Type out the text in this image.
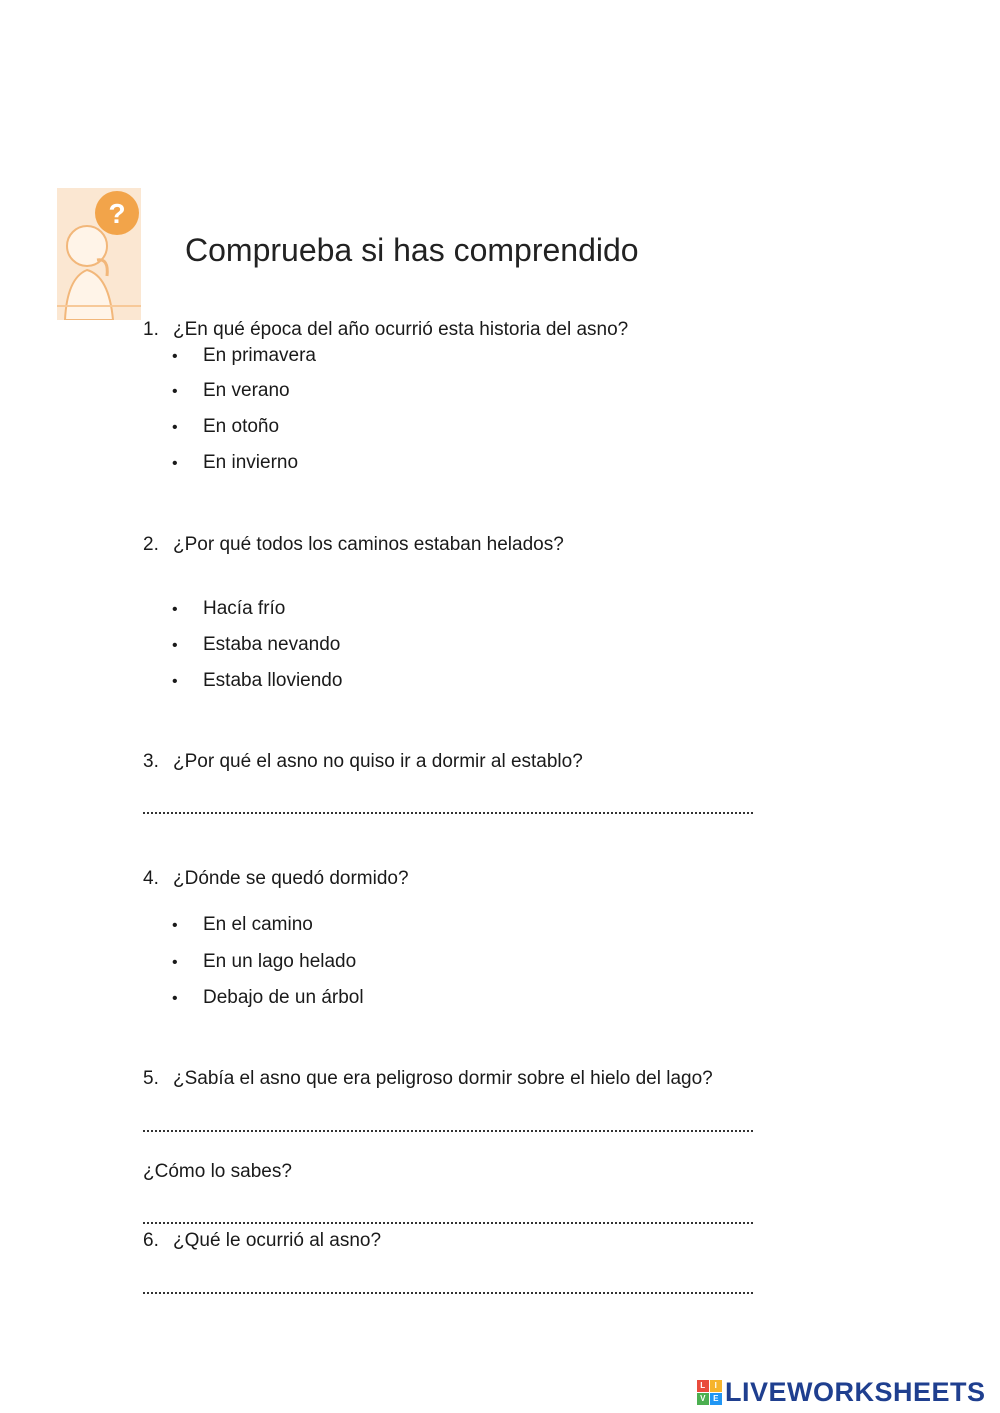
?
Comprueba si has comprendido
1. ¿En qué época del año ocurrió esta historia del asno?
• En primavera
• En verano
• En otoño
• En invierno
2. ¿Por qué todos los caminos estaban helados?
• Hacía frío
• Estaba nevando
• Estaba lloviendo
3. ¿Por qué el asno no quiso ir a dormir al establo?
4. ¿Dónde se quedó dormido?
• En el camino
• En un lago helado
• Debajo de un árbol
5. ¿Sabía el asno que era peligroso dormir sobre el hielo del lago?
¿Cómo lo sabes?
6. ¿Qué le ocurrió al asno?
L	I
V E LIVEWORKSHEETS
